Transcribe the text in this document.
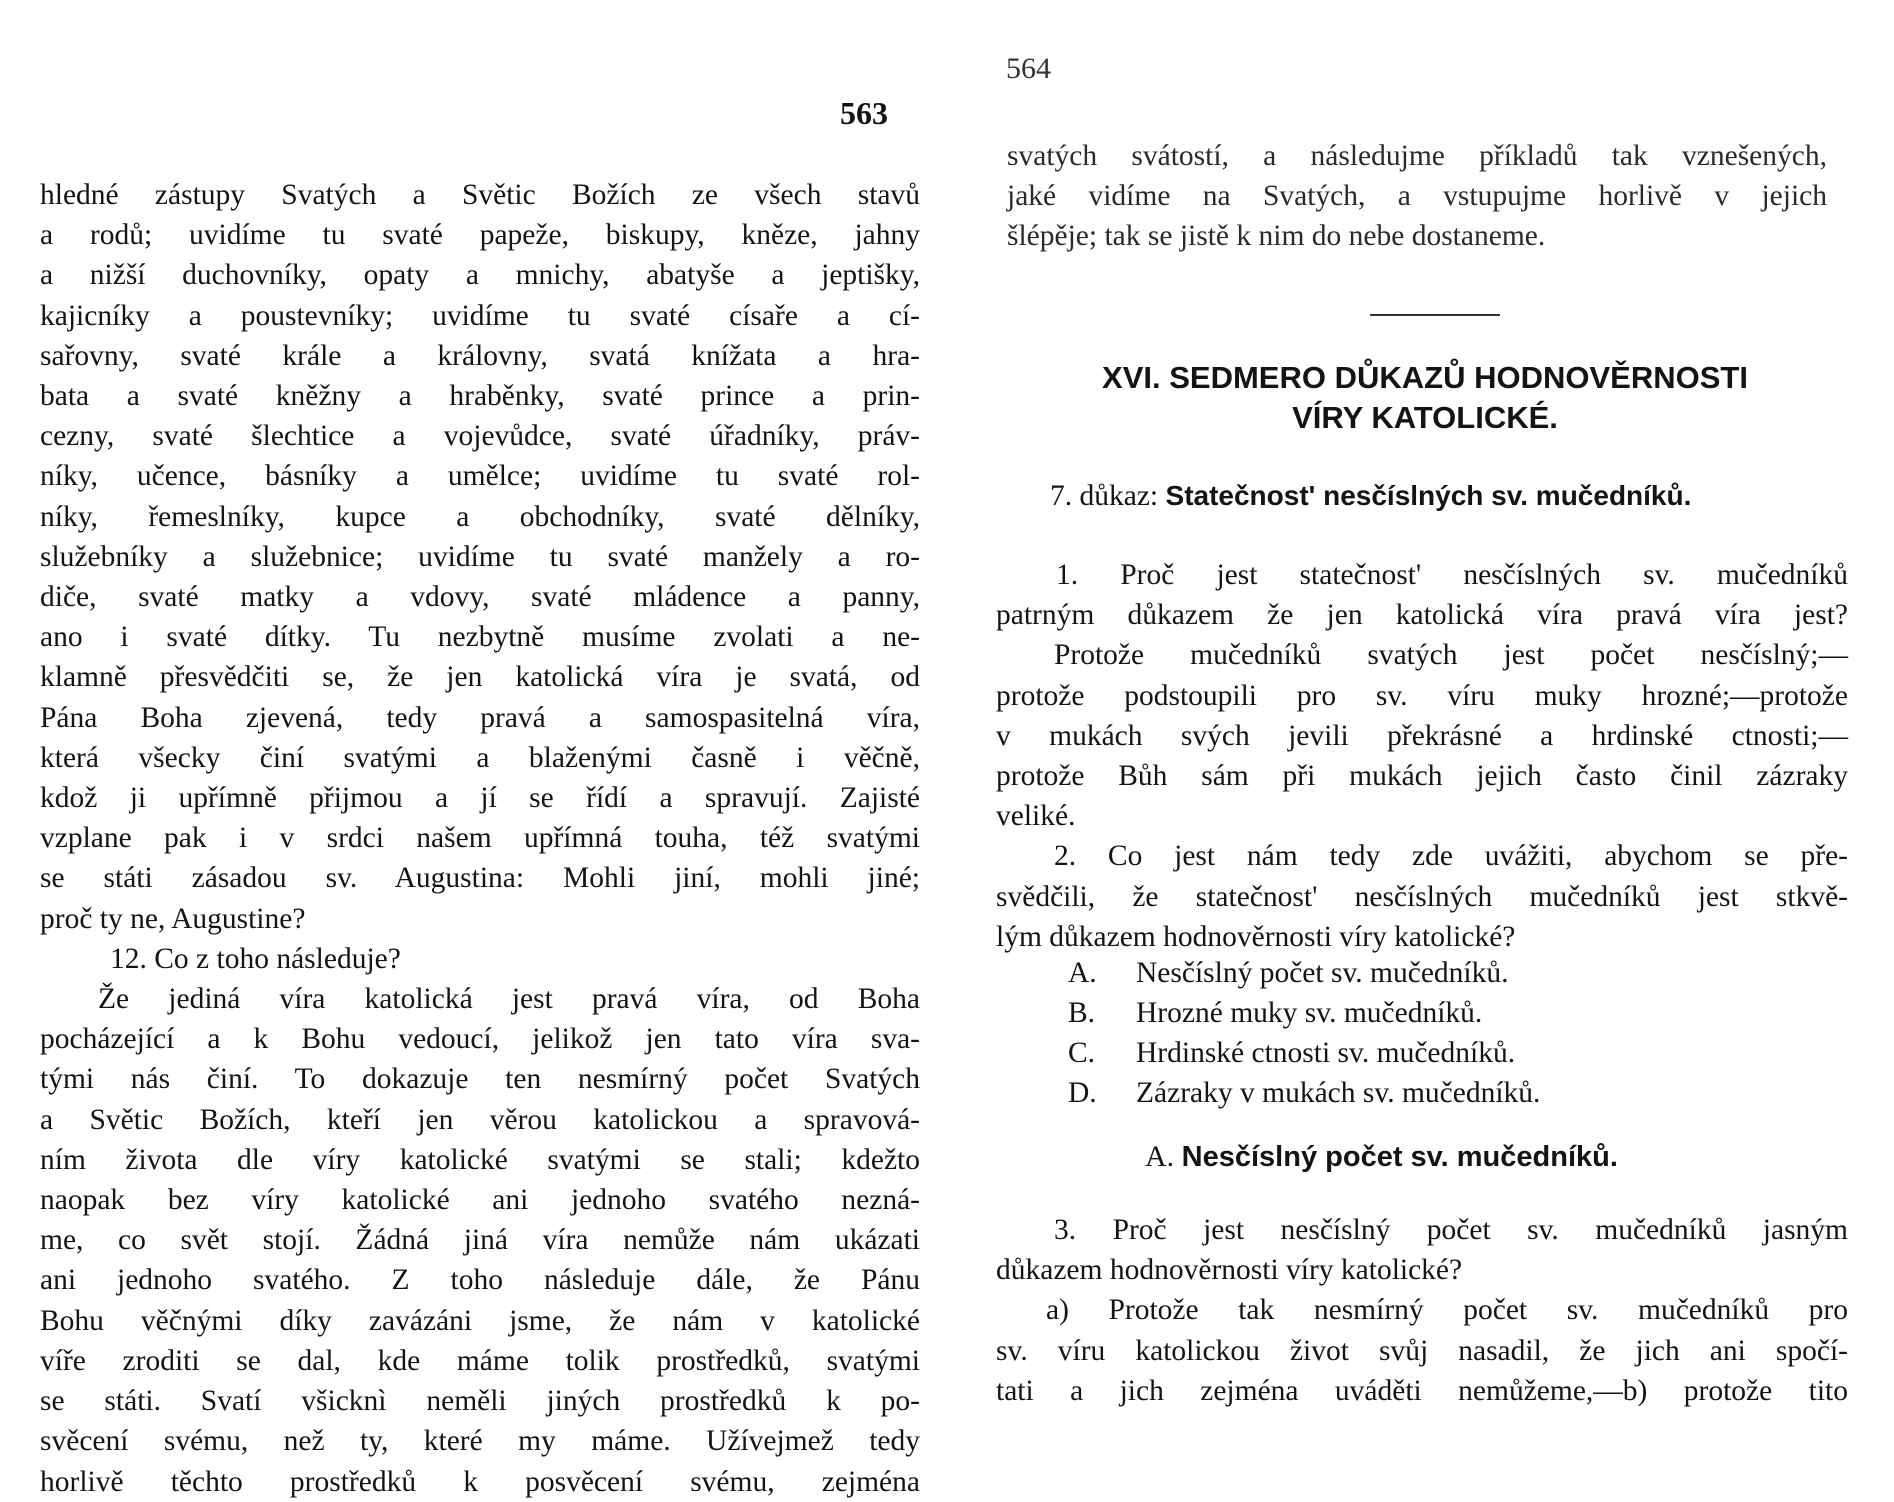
563
hledné zástupy Svatých a Světic Božích ze všech stavů
a rodů; uvidíme tu svaté papeže, biskupy, kněze, jahny
a nižší duchovníky, opaty a mnichy, abatyše a jeptišky,
kajicníky a poustevníky; uvidíme tu svaté císaře a cí-
sařovny, svaté krále a královny, svatá knížata a hra-
bata a svaté kněžny a hraběnky, svaté prince a prin-
cezny, svaté šlechtice a vojevůdce, svaté úřadníky, práv-
níky, učence, básníky a umělce; uvidíme tu svaté rol-
níky, řemeslníky, kupce a obchodníky, svaté dělníky,
služebníky a služebnice; uvidíme tu svaté manžely a ro-
diče, svaté matky a vdovy, svaté mládence a panny,
ano i svaté dítky. Tu nezbytně musíme zvolati a ne-
klamně přesvědčiti se, že jen katolická víra je svatá, od
Pána Boha zjevená, tedy pravá a samospasitelná víra,
která všecky činí svatými a blaženými časně i věčně,
kdož ji upřímně přijmou a jí se řídí a spravují. Zajisté
vzplane pak i v srdci našem upřímná touha, též svatými
se státi zásadou sv. Augustina: Mohli jiní, mohli jiné;
proč ty ne, Augustine?
12. Co z toho následuje?
Že jediná víra katolická jest pravá víra, od Boha
pocházející a k Bohu vedoucí, jelikož jen tato víra sva-
tými nás činí. To dokazuje ten nesmírný počet Svatých
a Světic Božích, kteří jen věrou katolickou a spravová-
ním života dle víry katolické svatými se stali; kdežto
naopak bez víry katolické ani jednoho svatého nezná-
me, co svět stojí. Žádná jiná víra nemůže nám ukázati
ani jednoho svatého. Z toho následuje dále, že Pánu
Bohu věčnými díky zavázáni jsme, že nám v katolické
víře zroditi se dal, kde máme tolik prostředků, svatými
se státi. Svatí všicknì neměli jiných prostředků k po-
svěcení svému, než ty, které my máme. Užívejmež tedy
horlivě těchto prostředků k posvěcení svému, zejména
564
svatých svátostí, a následujme příkladů tak vznešených,
jaké vidíme na Svatých, a vstupujme horlivě v jejich
šlépěje; tak se jistě k nim do nebe dostaneme.
XVI. SEDMERO DŮKAZŮ HODNOVĚRNOSTI
VÍRY KATOLICKÉ.
7. důkaz: Statečnost' nesčíslných sv. mučedníků.
1. Proč jest statečnost' nesčíslných sv. mučedníků
patrným důkazem že jen katolická víra pravá víra jest?
Protože mučedníků svatých jest počet nesčíslný;—
protože podstoupili pro sv. víru muky hrozné;—protože
v mukách svých jevili překrásné a hrdinské ctnosti;—
protože Bůh sám při mukách jejich často činil zázraky
veliké.
2. Co jest nám tedy zde uvážiti, abychom se pře-
svědčili, že statečnost' nesčíslných mučedníků jest stkvě-
lým důkazem hodnověrnosti víry katolické?
A. Nesčíslný počet sv. mučedníků.
B. Hrozné muky sv. mučedníků.
C. Hrdinské ctnosti sv. mučedníků.
D. Zázraky v mukách sv. mučedníků.
A. Nesčíslný počet sv. mučedníků.
3. Proč jest nesčíslný počet sv. mučedníků jasným
důkazem hodnověrnosti víry katolické?
a) Protože tak nesmírný počet sv. mučedníků pro
sv. víru katolickou život svůj nasadil, že jich ani spočí-
tati a jich zejména uváděti nemůžeme,—b) protože tito
